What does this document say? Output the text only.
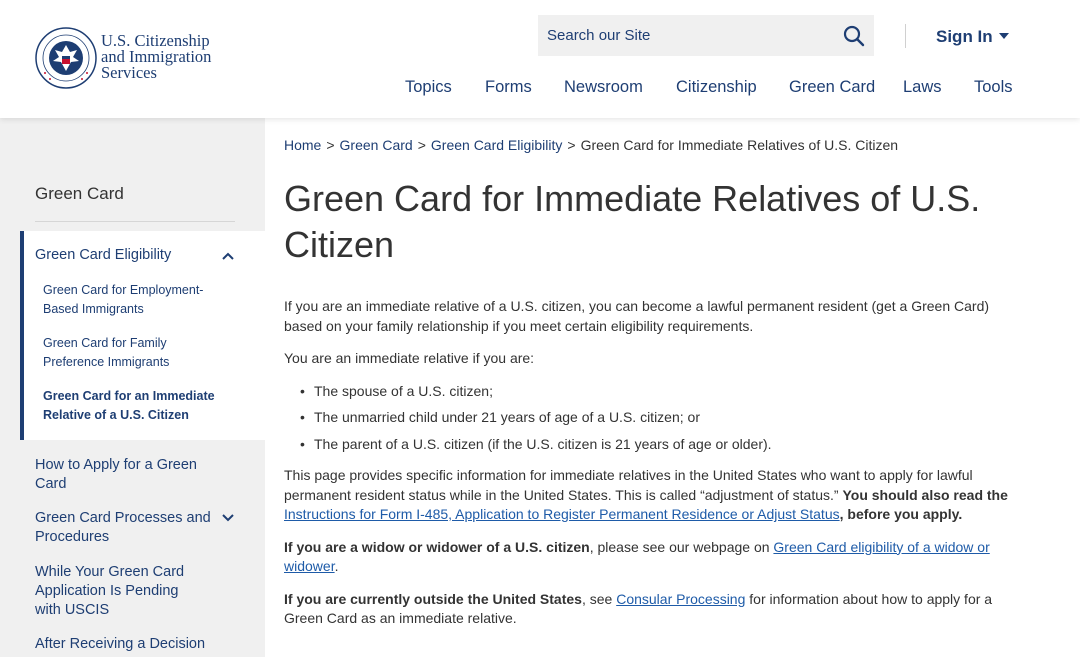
U.S. Citizenship
and Immigration
Services
Search our Site
Sign In
Topics Forms Newsroom Citizenship Green Card Laws Tools
Green Card
Green Card Eligibility
Green Card for Employment-
Based Immigrants
Green Card for Family
Preference Immigrants
Green Card for an Immediate
Relative of a U.S. Citizen
How to Apply for a Green
Card
Green Card Processes and
Procedures
While Your Green Card
Application Is Pending
with USCIS
After Receiving a Decision
Home > Green Card > Green Card Eligibility > Green Card for Immediate Relatives of U.S. Citizen
Green Card for Immediate Relatives of U.S. Citizen

If you are an immediate relative of a U.S. citizen, you can become a lawful permanent resident (get a Green Card) based on your family relationship if you meet certain eligibility requirements.

You are an immediate relative if you are:

• The spouse of a U.S. citizen;
• The unmarried child under 21 years of age of a U.S. citizen; or
• The parent of a U.S. citizen (if the U.S. citizen is 21 years of age or older).

This page provides specific information for immediate relatives in the United States who want to apply for lawful permanent resident status while in the United States. This is called “adjustment of status.” You should also read the Instructions for Form I-485, Application to Register Permanent Residence or Adjust Status, before you apply.

If you are a widow or widower of a U.S. citizen, please see our webpage on Green Card eligibility of a widow or widower.

If you are currently outside the United States, see Consular Processing for information about how to apply for a Green Card as an immediate relative.
